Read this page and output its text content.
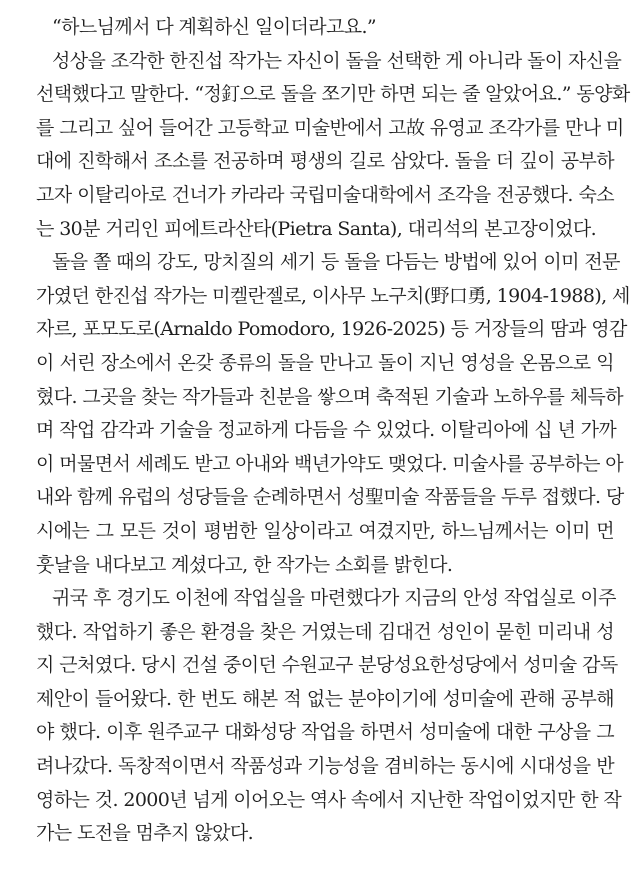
“하느님께서 다 계획하신 일이더라고요.”
성상을 조각한 한진섭 작가는 자신이 돌을 선택한 게 아니라 돌이 자신을
선택했다고 말한다. “정釘으로 돌을 쪼기만 하면 되는 줄 알았어요.” 동양화
를 그리고 싶어 들어간 고등학교 미술반에서 고故 유영교 조각가를 만나 미
대에 진학해서 조소를 전공하며 평생의 길로 삼았다. 돌을 더 깊이 공부하
고자 이탈리아로 건너가 카라라 국립미술대학에서 조각을 전공했다. 숙소
는 30분 거리인 피에트라산타(Pietra Santa), 대리석의 본고장이었다.
돌을 쫄 때의 강도, 망치질의 세기 등 돌을 다듬는 방법에 있어 이미 전문
가였던 한진섭 작가는 미켈란젤로, 이사무 노구치(野口勇, 1904-1988), 세
자르, 포모도로(Arnaldo Pomodoro, 1926-2025) 등 거장들의 땀과 영감
이 서린 장소에서 온갖 종류의 돌을 만나고 돌이 지닌 영성을 온몸으로 익
혔다. 그곳을 찾는 작가들과 친분을 쌓으며 축적된 기술과 노하우를 체득하
며 작업 감각과 기술을 정교하게 다듬을 수 있었다. 이탈리아에 십 년 가까
이 머물면서 세례도 받고 아내와 백년가약도 맺었다. 미술사를 공부하는 아
내와 함께 유럽의 성당들을 순례하면서 성聖미술 작품들을 두루 접했다. 당
시에는 그 모든 것이 평범한 일상이라고 여겼지만, 하느님께서는 이미 먼
훗날을 내다보고 계셨다고, 한 작가는 소회를 밝힌다.
귀국 후 경기도 이천에 작업실을 마련했다가 지금의 안성 작업실로 이주
했다. 작업하기 좋은 환경을 찾은 거였는데 김대건 성인이 묻힌 미리내 성
지 근처였다. 당시 건설 중이던 수원교구 분당성요한성당에서 성미술 감독
제안이 들어왔다. 한 번도 해본 적 없는 분야이기에 성미술에 관해 공부해
야 했다. 이후 원주교구 대화성당 작업을 하면서 성미술에 대한 구상을 그
려나갔다. 독창적이면서 작품성과 기능성을 겸비하는 동시에 시대성을 반
영하는 것. 2000년 넘게 이어오는 역사 속에서 지난한 작업이었지만 한 작
가는 도전을 멈추지 않았다.
